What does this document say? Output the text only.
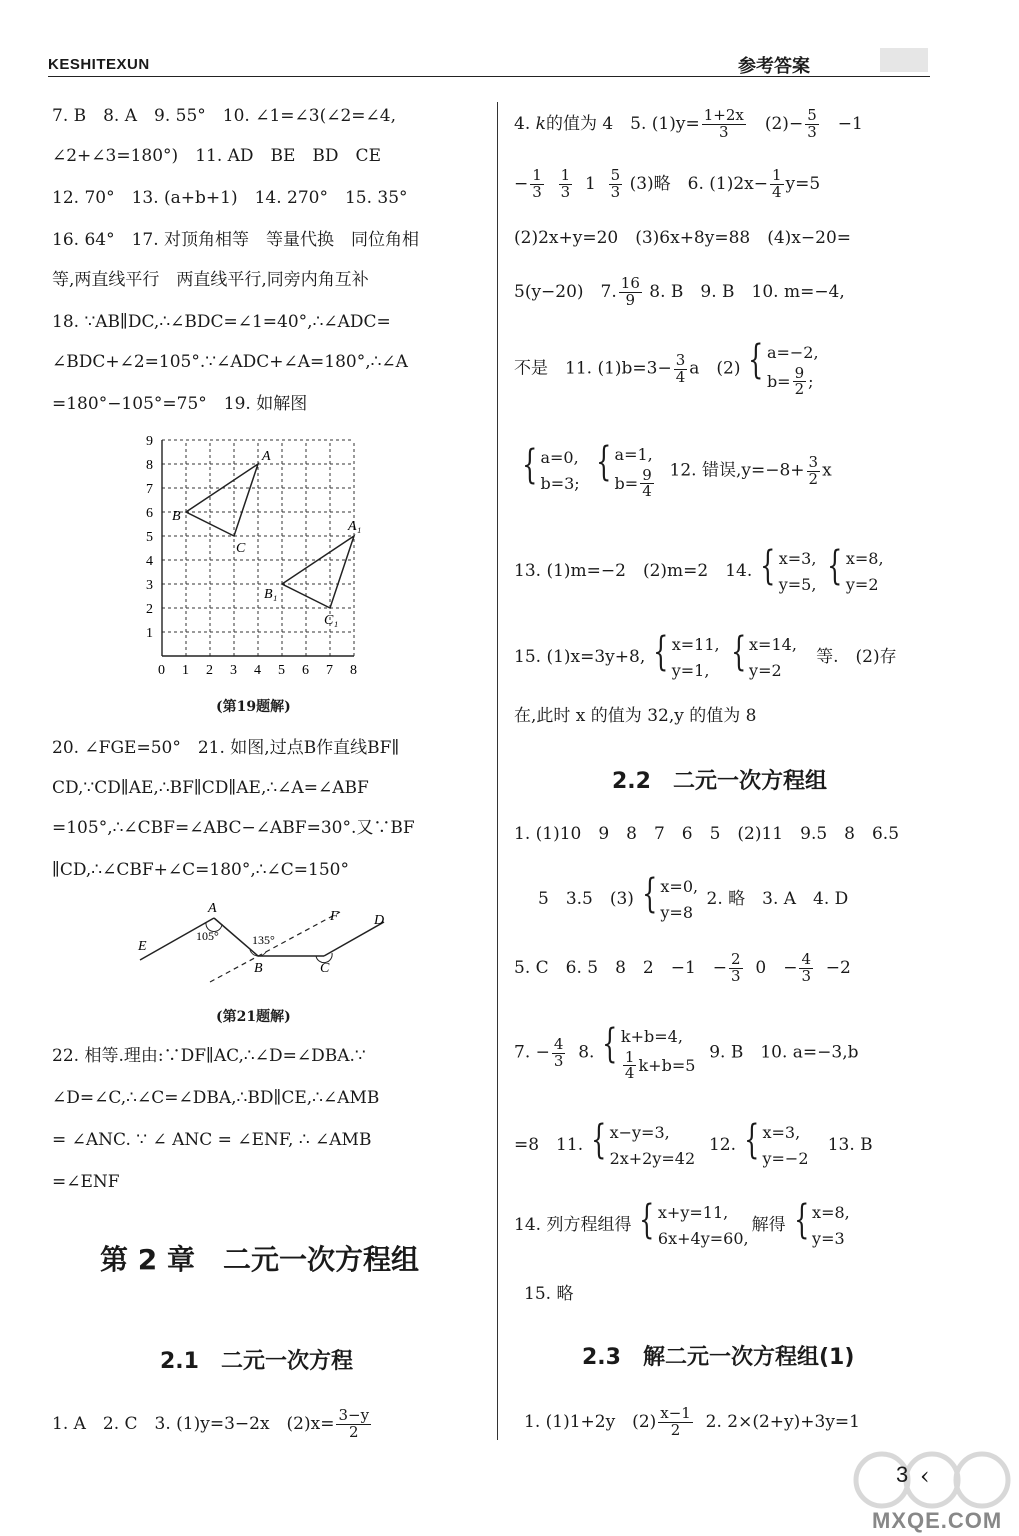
KESHITEXUN	参考答案
7. B　8. A　9. 55°　10. ∠1=∠3(∠2=∠4,
∠2+∠3=180°)　11. AD　BE　BD　CE
12. 70°　13. (a+b+1)　14. 270°　15. 35°
16. 64°　17. 对顶角相等　等量代换　同位角相
等,两直线平行　两直线平行,同旁内角互补
18. ∵AB∥DC,∴∠BDC=∠1=40°,∴∠ADC=
∠BDC+∠2=105°.∵∠ADC+∠A=180°,∴∠A
=180°−105°=75°　19. 如解图
0 1 2 3 4 5 6 7 8
1
2
3
4
5
6
7
8
9
A
B
C
A₁
B₁
C₁
(第19题解)
20. ∠FGE=50°　21. 如图,过点B作直线BF∥
CD,∵CD∥AE,∴BF∥CD∥AE,∴∠A=∠ABF
=105°,∴∠CBF=∠ABC−∠ABF=30°.又∵BF
∥CD,∴∠CBF+∠C=180°,∴∠C=150°
E
A
B	C
D
F
105°	135°
(第21题解)
22. 相等.理由:∵DF∥AC,∴∠D=∠DBA.∵
∠D=∠C,∴∠C=∠DBA,∴BD∥CE,∴∠AMB
= ∠ANC. ∵ ∠ ANC = ∠ENF, ∴ ∠AMB
=∠ENF
第 2 章　二元一次方程组
2.1　二元一次方程
1. A　2. C　3. (1)y=3−2x　$(2)x= \frac{3-y}{2}$
4. k的值为 4　5. $(1)y= \frac{1+2x}{3}$ 　$(2)- \frac{5}{3}$ 　−1
− $\frac{1}{3}$
$\frac{1}{3} 1 \frac{5}{3} (3)$略　6. $(1)2x- \frac{1}{4} y=5$
(2)2x+y=20　(3)6x+8y=88　(4)x−20=
5(y−20)　7. $\frac{16}{9} 8$. B　9. B　10. m=−4,
不是　11. $(1)b=3- \frac{3}{4}$ a　(2) { a=−2,
$b= \frac{9}{2}$ ;
{ a=0,
b=3;
{ a=1,
$b= \frac{9}{4} 12$. 错误$,y=-8+ \frac{3}{2}$ x
13. (1)m=−2　(2)m=2　14. { x=3,
y=5, { x=8,
y=2
15. (1)x=3y+8, { x=11,
y=1, { x=14,
y=2
等.　(2)存
在,此时 x 的值为 32,y 的值为 8
2.2　二元一次方程组
1. (1)10　9　8　7　6　5　(2)11　9.5　8　6.5
5　3.5　(3) { x=0,
y=8
2. 略　3. A　4. D
5. C　6. 5　8　2　−1　− $\frac{2}{3} 0$　− $\frac{4}{3} -2$
7. − $\frac{4}{3} 8$. { k+b=4,
$\frac{1}{4} k+b=5$
9. B　10. a=−3,b
=8　11. { x−y=3,
2x+2y=42
12. { x=3,
y=−2
13. B
14. 列方程组得 { x+y=11,
6x+4y=60,
解得 { x=8,
y=3
15. 略
2.3　解二元一次方程组(1)
1. (1)1+2y　$(2) \frac{x-1}{2} 2$. 2×(2+y)+3y=1
3 ‹
MXQE.COM
